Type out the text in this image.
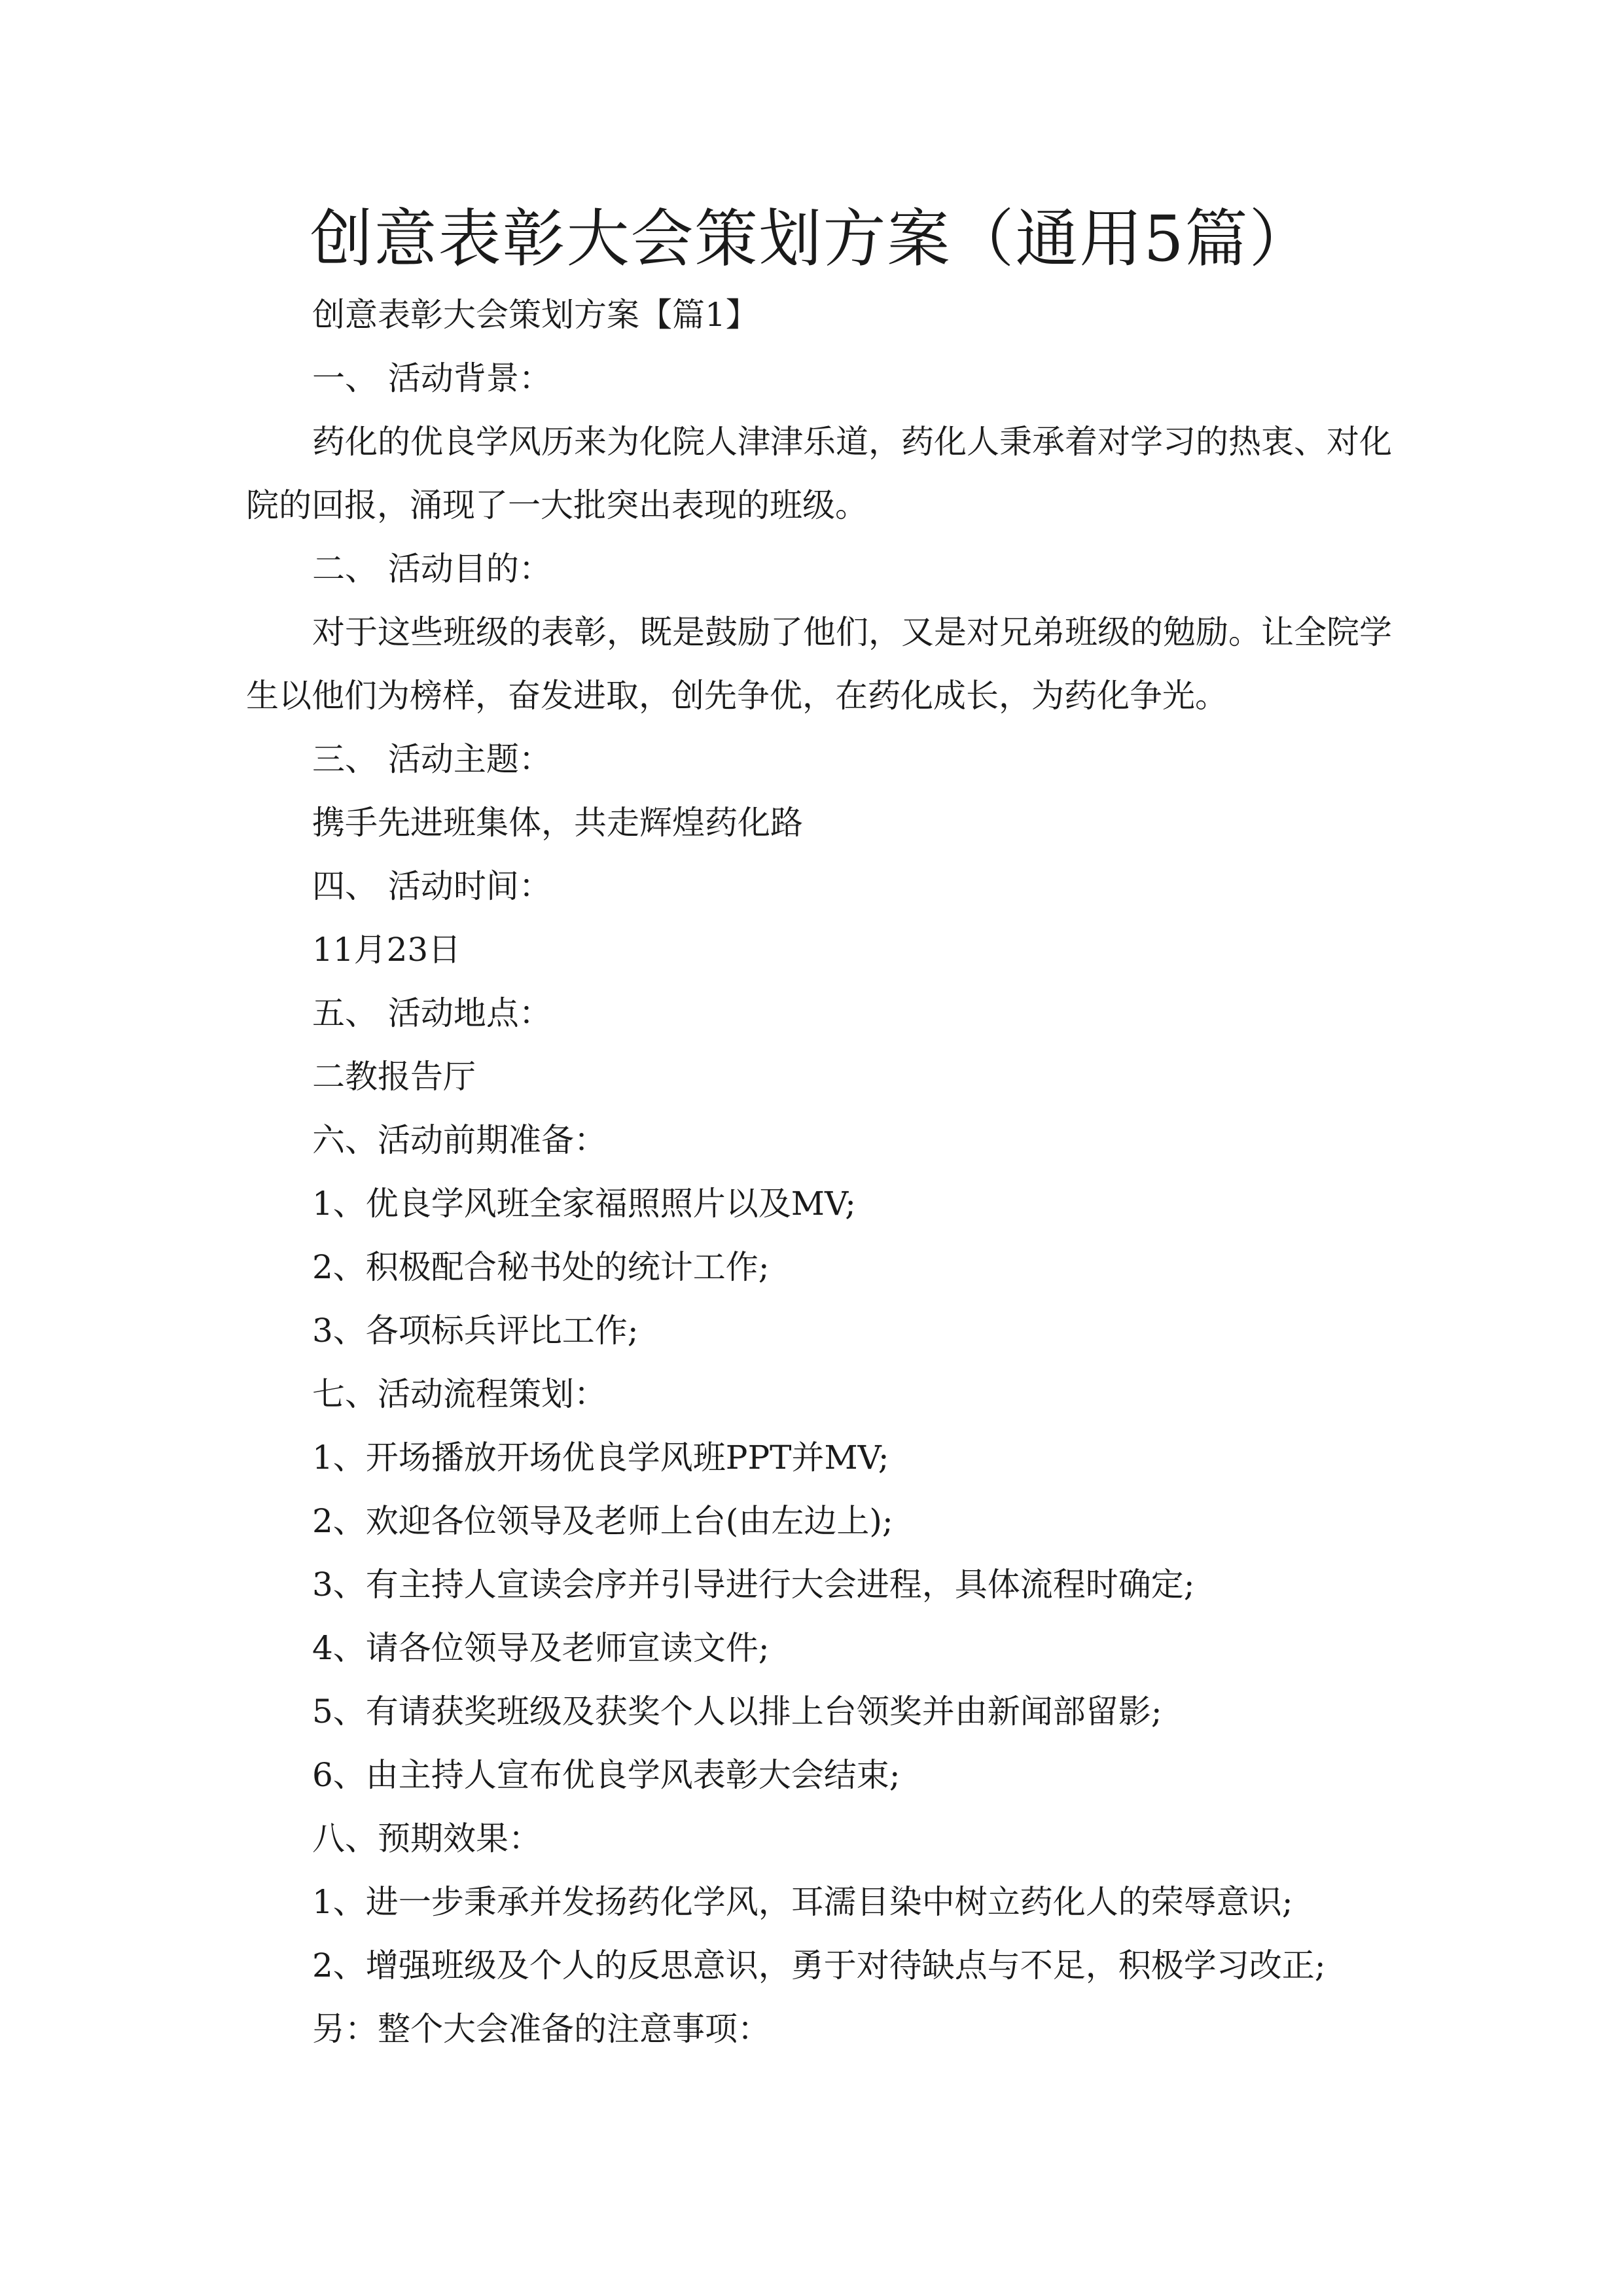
创意表彰大会策划方案（通用5篇）
创意表彰大会策划方案【篇1】
一、 活动背景：
药化的优良学风历来为化院人津津乐道，药化人秉承着对学习的热衷、对化
院的回报，涌现了一大批突出表现的班级。
二、 活动目的：
对于这些班级的表彰，既是鼓励了他们，又是对兄弟班级的勉励。让全院学
生以他们为榜样，奋发进取，创先争优，在药化成长，为药化争光。
三、 活动主题：
携手先进班集体，共走辉煌药化路
四、 活动时间：
11月23日
五、 活动地点：
二教报告厅
六、活动前期准备：
1、优良学风班全家福照照片以及MV;
2、积极配合秘书处的统计工作;
3、各项标兵评比工作;
七、活动流程策划：
1、开场播放开场优良学风班PPT并MV;
2、欢迎各位领导及老师上台(由左边上);
3、有主持人宣读会序并引导进行大会进程，具体流程时确定;
4、请各位领导及老师宣读文件;
5、有请获奖班级及获奖个人以排上台领奖并由新闻部留影;
6、由主持人宣布优良学风表彰大会结束;
八、预期效果：
1、进一步秉承并发扬药化学风，耳濡目染中树立药化人的荣辱意识;
2、增强班级及个人的反思意识，勇于对待缺点与不足，积极学习改正;
另：整个大会准备的注意事项：
